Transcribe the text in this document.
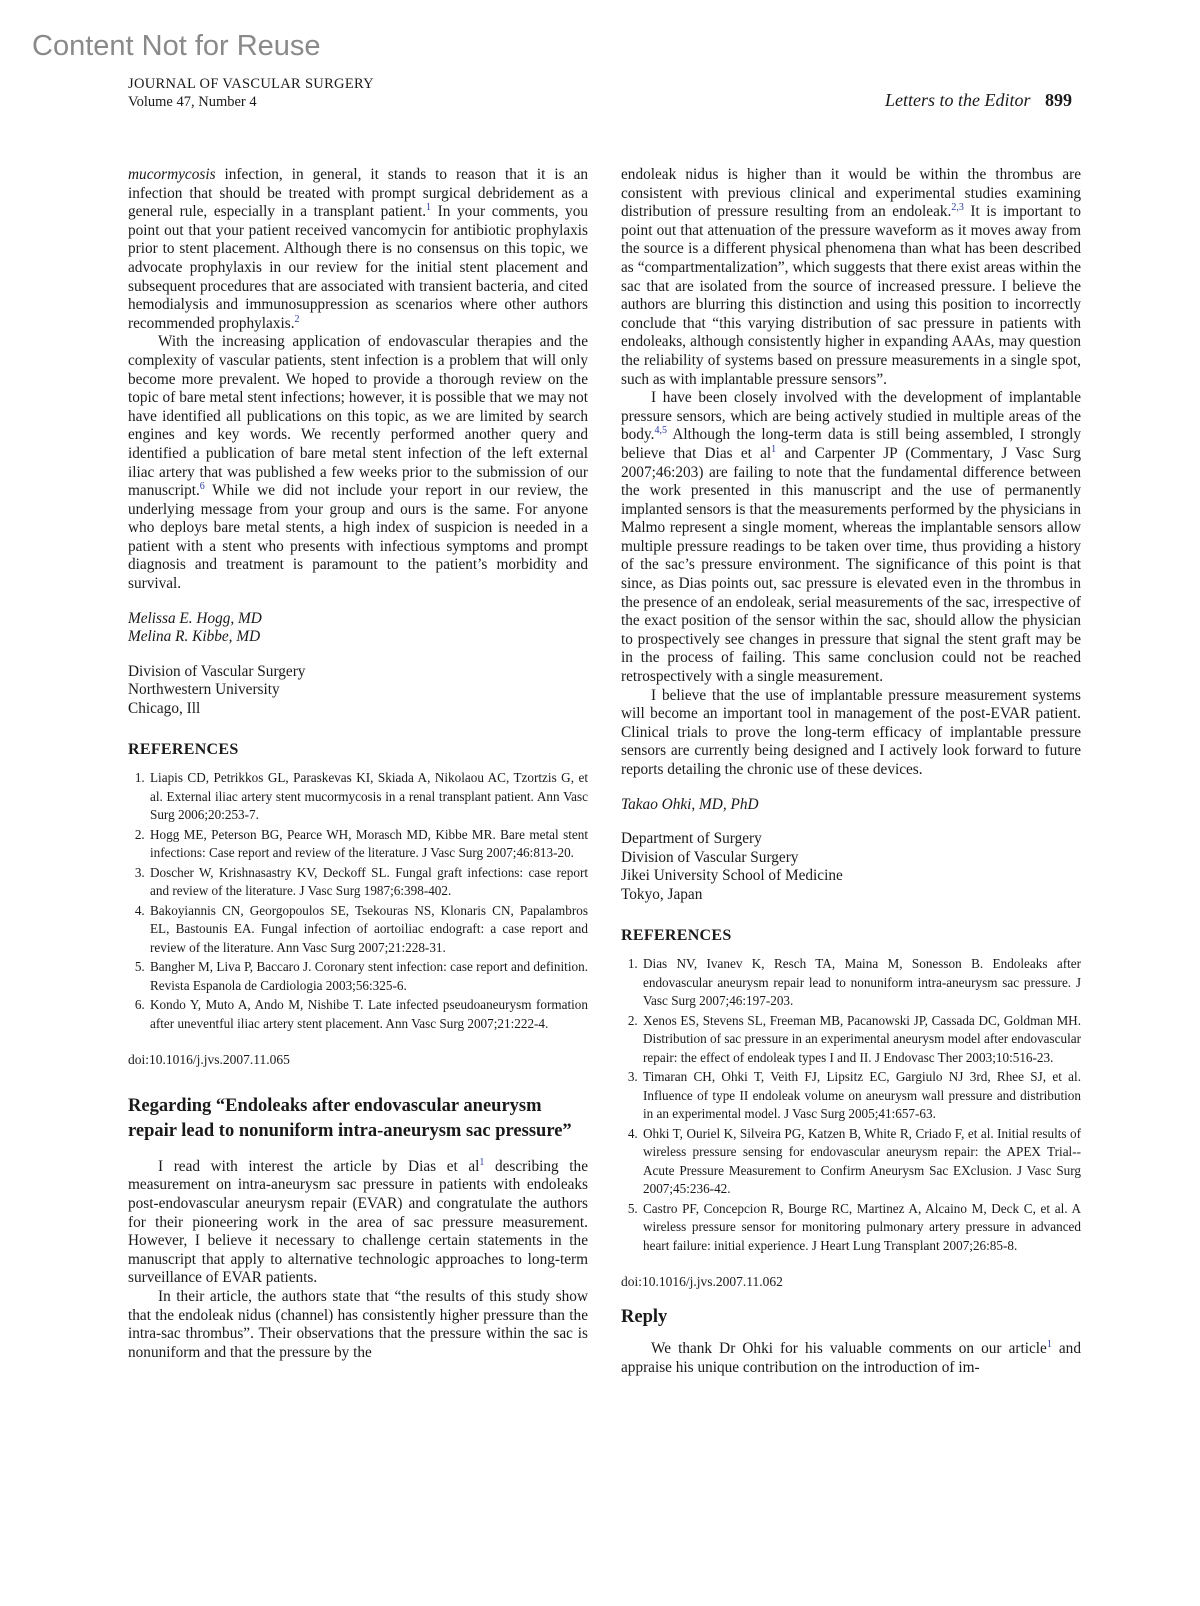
Content Not for Reuse
JOURNAL OF VASCULAR SURGERY
Volume 47, Number 4	Letters to the Editor 899

mucormycosis infection, in general, it stands to reason that it is an infection that should be treated with prompt surgical debridement as a general rule, especially in a transplant patient.$^1$ In your comments, you point out that your patient received vancomycin for antibiotic prophylaxis prior to stent placement. Although there is no consensus on this topic, we advocate prophylaxis in our review for the initial stent placement and subsequent procedures that are associated with transient bacteria, and cited hemodialysis and immunosuppression as scenarios where other authors recommended prophylaxis.$^2$

With the increasing application of endovascular therapies and the complexity of vascular patients, stent infection is a problem that will only become more prevalent. We hoped to provide a thorough review on the topic of bare metal stent infections; however, it is possible that we may not have identified all publications on this topic, as we are limited by search engines and key words. We recently performed another query and identified a publication of bare metal stent infection of the left external iliac artery that was published a few weeks prior to the submission of our manuscript.$^6$ While we did not include your report in our review, the underlying message from your group and ours is the same. For anyone who deploys bare metal stents, a high index of suspicion is needed in a patient with a stent who presents with infectious symptoms and prompt diagnosis and treatment is paramount to the patient’s morbidity and survival.

Melissa E. Hogg, MD
Melina R. Kibbe, MD
Division of Vascular Surgery
Northwestern University
Chicago, Ill
REFERENCES
1. Liapis CD, Petrikkos GL, Paraskevas KI, Skiada A, Nikolaou AC, Tzortzis G, et al. External iliac artery stent mucormycosis in a renal transplant patient. Ann Vasc Surg 2006;20:253-7.
2. Hogg ME, Peterson BG, Pearce WH, Morasch MD, Kibbe MR. Bare metal stent infections: Case report and review of the literature. J Vasc Surg 2007;46:813-20.
3. Doscher W, Krishnasastry KV, Deckoff SL. Fungal graft infections: case report and review of the literature. J Vasc Surg 1987;6:398-402.
4. Bakoyiannis CN, Georgopoulos SE, Tsekouras NS, Klonaris CN, Papalambros EL, Bastounis EA. Fungal infection of aortoiliac endograft: a case report and review of the literature. Ann Vasc Surg 2007;21:228-31.
5. Bangher M, Liva P, Baccaro J. Coronary stent infection: case report and definition. Revista Espanola de Cardiologia 2003;56:325-6.
6. Kondo Y, Muto A, Ando M, Nishibe T. Late infected pseudoaneurysm formation after uneventful iliac artery stent placement. Ann Vasc Surg 2007;21:222-4.
doi:10.1016/j.jvs.2007.11.065
Regarding “Endoleaks after endovascular aneurysm repair lead to nonuniform intra-aneurysm sac pressure”

I read with interest the article by Dias et $al^1$ describing the measurement on intra-aneurysm sac pressure in patients with endoleaks post-endovascular aneurysm repair (EVAR) and congratulate the authors for their pioneering work in the area of sac pressure measurement. However, I believe it necessary to challenge certain statements in the manuscript that apply to alternative technologic approaches to long-term surveillance of EVAR patients.

In their article, the authors state that “the results of this study show that the endoleak nidus (channel) has consistently higher pressure than the intra-sac thrombus”. Their observations that the pressure within the sac is nonuniform and that the pressure by the

endoleak nidus is higher than it would be within the thrombus are consistent with previous clinical and experimental studies examining distribution of pressure resulting from an endoleak.$^{2,3}$ It is important to point out that attenuation of the pressure waveform as it moves away from the source is a different physical phenomena than what has been described as “compartmentalization”, which suggests that there exist areas within the sac that are isolated from the source of increased pressure. I believe the authors are blurring this distinction and using this position to incorrectly conclude that “this varying distribution of sac pressure in patients with endoleaks, although consistently higher in expanding AAAs, may question the reliability of systems based on pressure measurements in a single spot, such as with implantable pressure sensors”.

I have been closely involved with the development of implantable pressure sensors, which are being actively studied in multiple areas of the body.$^{4,5}$ Although the long-term data is still being assembled, I strongly believe that Dias et $al^1$ and Carpenter JP (Commentary, J Vasc Surg 2007;46:203) are failing to note that the fundamental difference between the work presented in this manuscript and the use of permanently implanted sensors is that the measurements performed by the physicians in Malmo represent a single moment, whereas the implantable sensors allow multiple pressure readings to be taken over time, thus providing a history of the sac’s pressure environment. The significance of this point is that since, as Dias points out, sac pressure is elevated even in the thrombus in the presence of an endoleak, serial measurements of the sac, irrespective of the exact position of the sensor within the sac, should allow the physician to prospectively see changes in pressure that signal the stent graft may be in the process of failing. This same conclusion could not be reached retrospectively with a single measurement.

I believe that the use of implantable pressure measurement systems will become an important tool in management of the post-EVAR patient. Clinical trials to prove the long-term efficacy of implantable pressure sensors are currently being designed and I actively look forward to future reports detailing the chronic use of these devices.

Takao Ohki, MD, PhD
Department of Surgery
Division of Vascular Surgery
Jikei University School of Medicine
Tokyo, Japan
REFERENCES
1. Dias NV, Ivanev K, Resch TA, Maina M, Sonesson B. Endoleaks after endovascular aneurysm repair lead to nonuniform intra-aneurysm sac pressure. J Vasc Surg 2007;46:197-203.
2. Xenos ES, Stevens SL, Freeman MB, Pacanowski JP, Cassada DC, Goldman MH. Distribution of sac pressure in an experimental aneurysm model after endovascular repair: the effect of endoleak types I and II. J Endovasc Ther 2003;10:516-23.
3. Timaran CH, Ohki T, Veith FJ, Lipsitz EC, Gargiulo NJ 3rd, Rhee SJ, et al. Influence of type II endoleak volume on aneurysm wall pressure and distribution in an experimental model. J Vasc Surg 2005;41:657-63.
4. Ohki T, Ouriel K, Silveira PG, Katzen B, White R, Criado F, et al. Initial results of wireless pressure sensing for endovascular aneurysm repair: the APEX Trial--Acute Pressure Measurement to Confirm Aneurysm Sac EXclusion. J Vasc Surg 2007;45:236-42.
5. Castro PF, Concepcion R, Bourge RC, Martinez A, Alcaino M, Deck C, et al. A wireless pressure sensor for monitoring pulmonary artery pressure in advanced heart failure: initial experience. J Heart Lung Transplant 2007;26:85-8.
doi:10.1016/j.jvs.2007.11.062
Reply

We thank Dr Ohki for his valuable comments on our article$^1$ and appraise his unique contribution on the introduction of im-
